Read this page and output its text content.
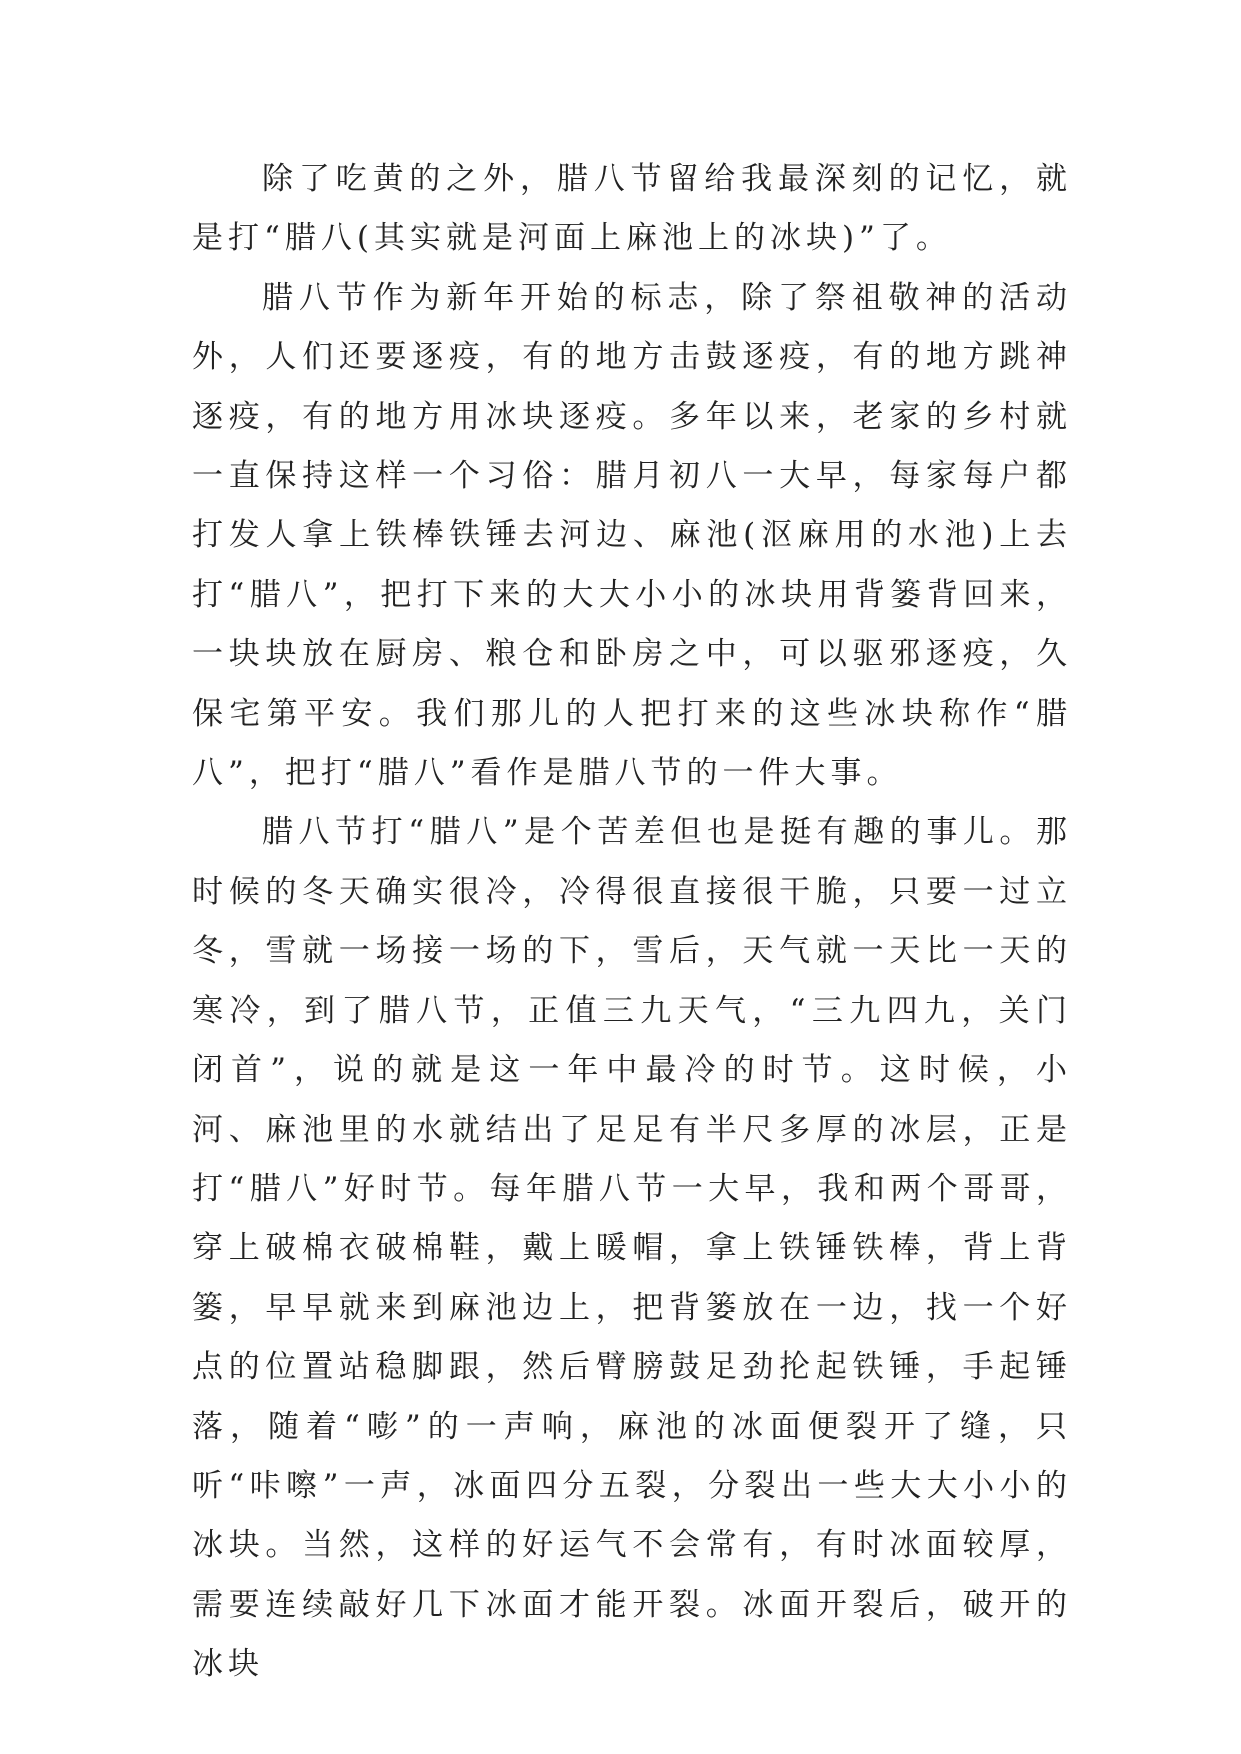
除了吃黄的之外，腊八节留给我最深刻的记忆，就是打“腊八(其实就是河面上麻池上的冰块)”了。

腊八节作为新年开始的标志，除了祭祖敬神的活动外，人们还要逐疫，有的地方击鼓逐疫，有的地方跳神逐疫，有的地方用冰块逐疫。多年以来，老家的乡村就一直保持这样一个习俗：腊月初八一大早，每家每户都打发人拿上铁棒铁锤去河边、麻池(沤麻用的水池)上去打“腊八”，把打下来的大大小小的冰块用背篓背回来，一块块放在厨房、粮仓和卧房之中，可以驱邪逐疫，久保宅第平安。我们那儿的人把打来的这些冰块称作“腊八”，把打“腊八”看作是腊八节的一件大事。

腊八节打“腊八”是个苦差但也是挺有趣的事儿。那时候的冬天确实很冷，冷得很直接很干脆，只要一过立冬，雪就一场接一场的下，雪后，天气就一天比一天的寒冷，到了腊八节，正值三九天气，“三九四九，关门闭首”，说的就是这一年中最冷的时节。这时候，小河、麻池里的水就结出了足足有半尺多厚的冰层，正是打“腊八”好时节。每年腊八节一大早，我和两个哥哥，穿上破棉衣破棉鞋，戴上暖帽，拿上铁锤铁棒，背上背篓，早早就来到麻池边上，把背篓放在一边，找一个好点的位置站稳脚跟，然后臂膀鼓足劲抡起铁锤，手起锤落，随着“嘭”的一声响，麻池的冰面便裂开了缝，只听“咔嚓”一声，冰面四分五裂，分裂出一些大大小小的冰块。当然，这样的好运气不会常有，有时冰面较厚，需要连续敲好几下冰面才能开裂。冰面开裂后，破开的冰块
